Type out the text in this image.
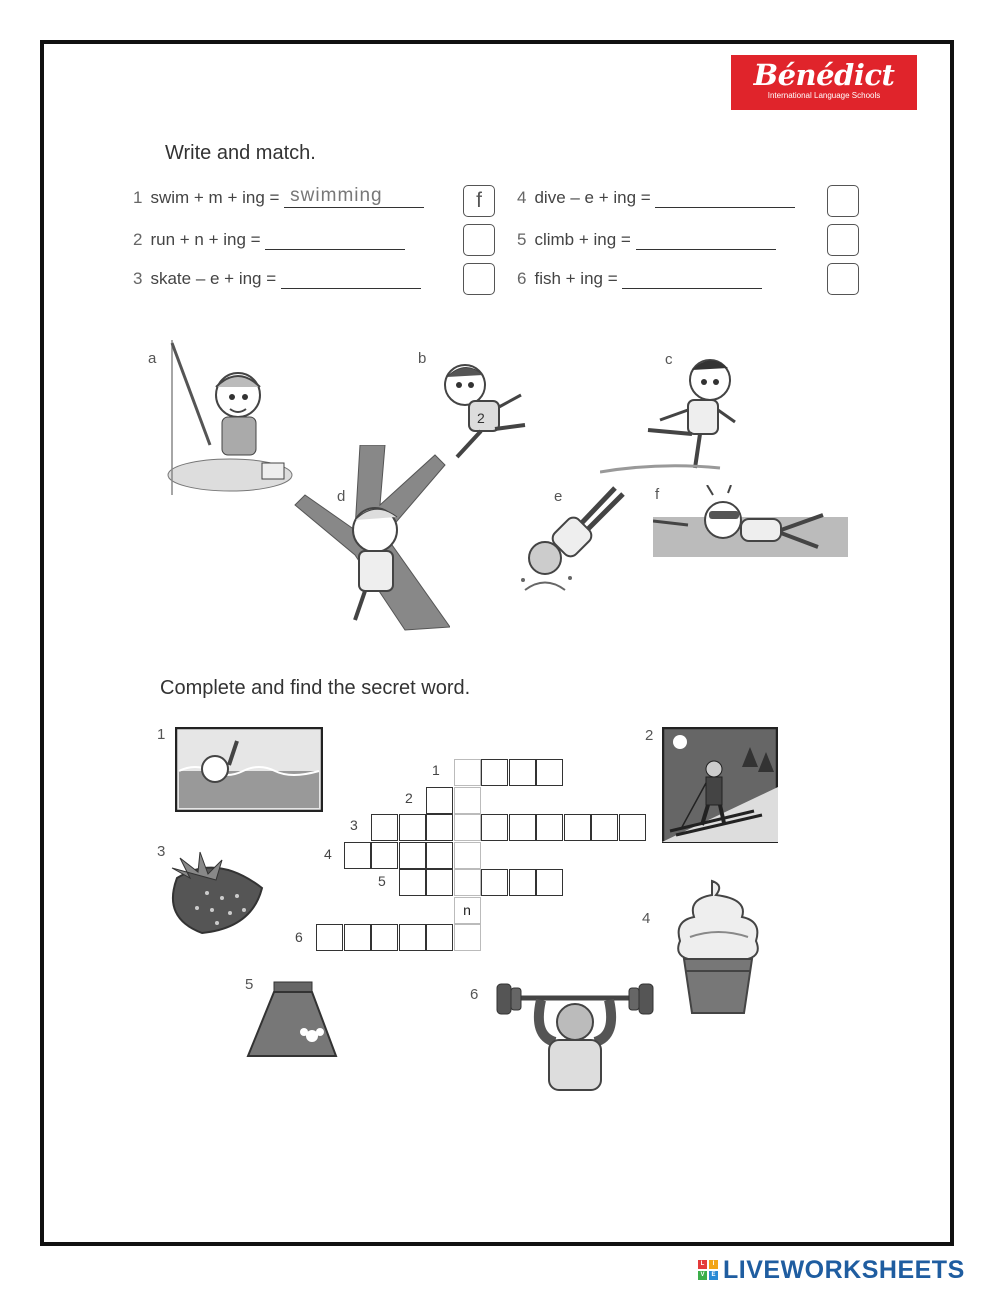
Bénédict
International Language Schools
Write and match.
1 swim + m + ing = swimming
2 run + n + ing =
3 skate – e + ing =
4 dive – e + ing =
5 climb + ing =
6 fish + ing =
f
a	b	c
d	e	f
2
Complete and find the secret word.
1	2
3
4
5
6
n
1
2
3
4
5
6
L	I
V	E LIVEWORKSHEETS
